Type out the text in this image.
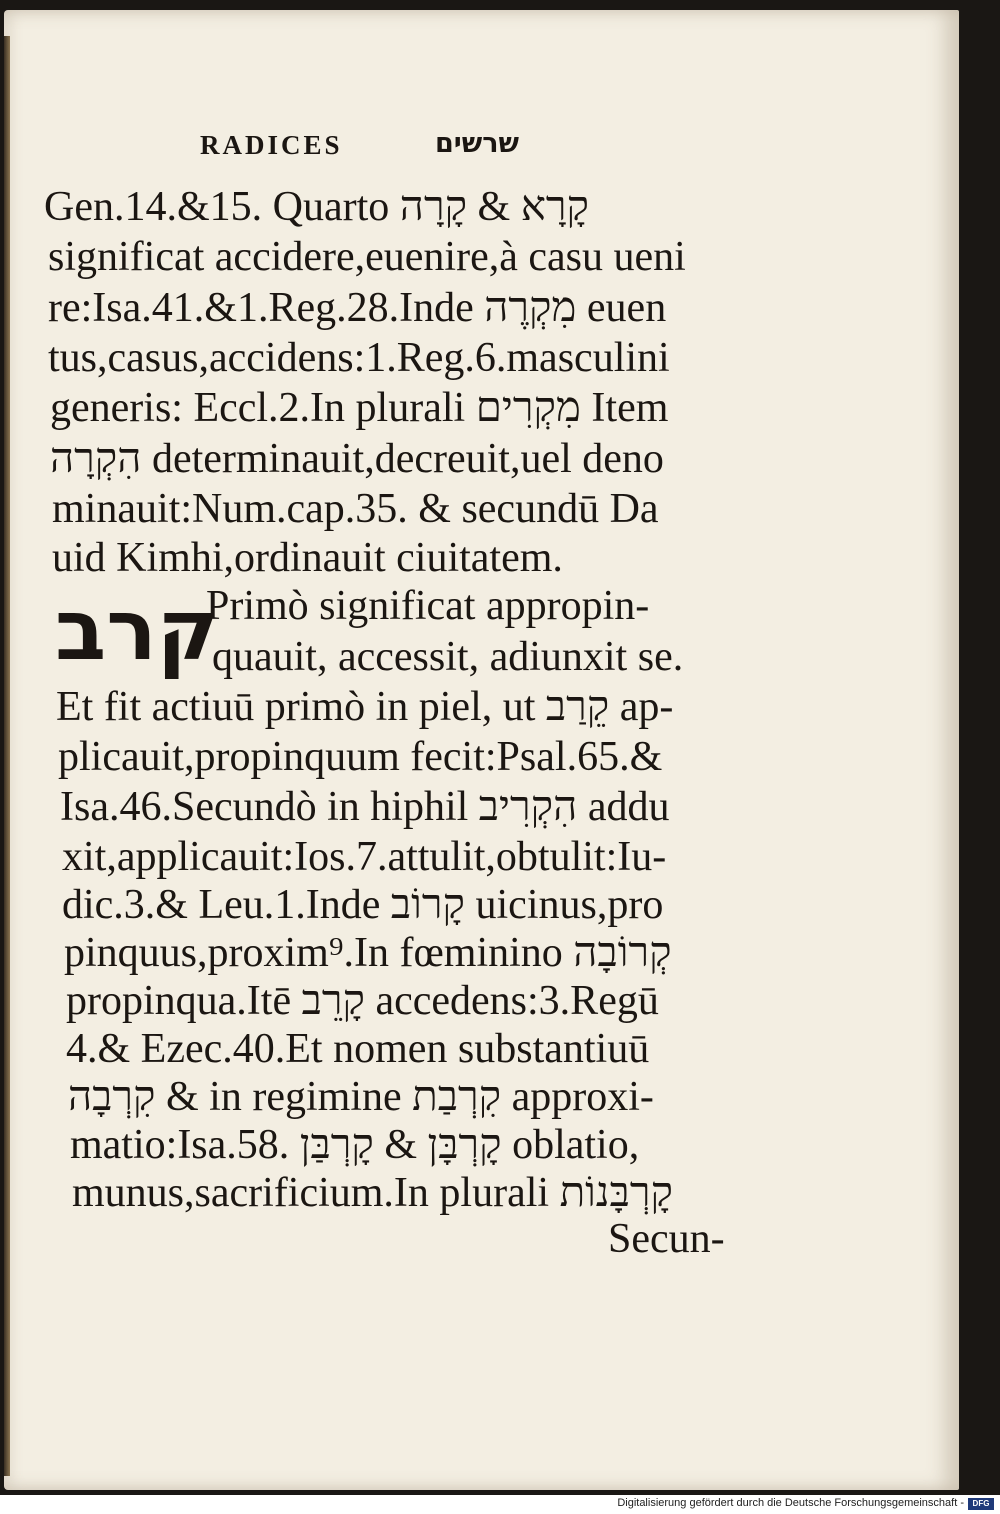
RADICES	שרשים
Gen.14.&15. Quarto קָרָא & קָרָה
significat accidere,euenire,à casu ueni
re:Isa.41.&1.Reg.28.Inde מִקְרֶה euen
tus,casus,accidens:1.Reg.6.masculini
generis: Eccl.2.In plurali מִקְרִים Item
הִקְרָה determinauit,decreuit,uel deno
minauit:Num.cap.35. & secundū Da
uid Kimhi,ordinauit ciuitatem.
קרב
Primò significat appropin-
quauit, accessit, adiunxit se.
Et fit actiuū primò in piel, ut קֵרַב ap-
plicauit,propinquum fecit:Psal.65.&
Isa.46.Secundò in hiphil הִקְרִיב addu
xit,applicauit:Ios.7.attulit,obtulit:Iu-
dic.3.& Leu.1.Inde קָרוֹב uicinus,pro
pinquus,proxim⁹.In fœminino קְרוֹבָה
propinqua.Itē קָרֵב accedens:3.Regū
4.& Ezec.40.Et nomen substantiuū
קִרְבָה & in regimine קִרְבַת approxi-
matio:Isa.58. קָרְבָּן & קָרְבַּן oblatio,
munus,sacrificium.In plurali קָרְבָּנוֹת
Secun-
Digitalisierung gefördert durch die Deutsche Forschungsgemeinschaft -	DFG
